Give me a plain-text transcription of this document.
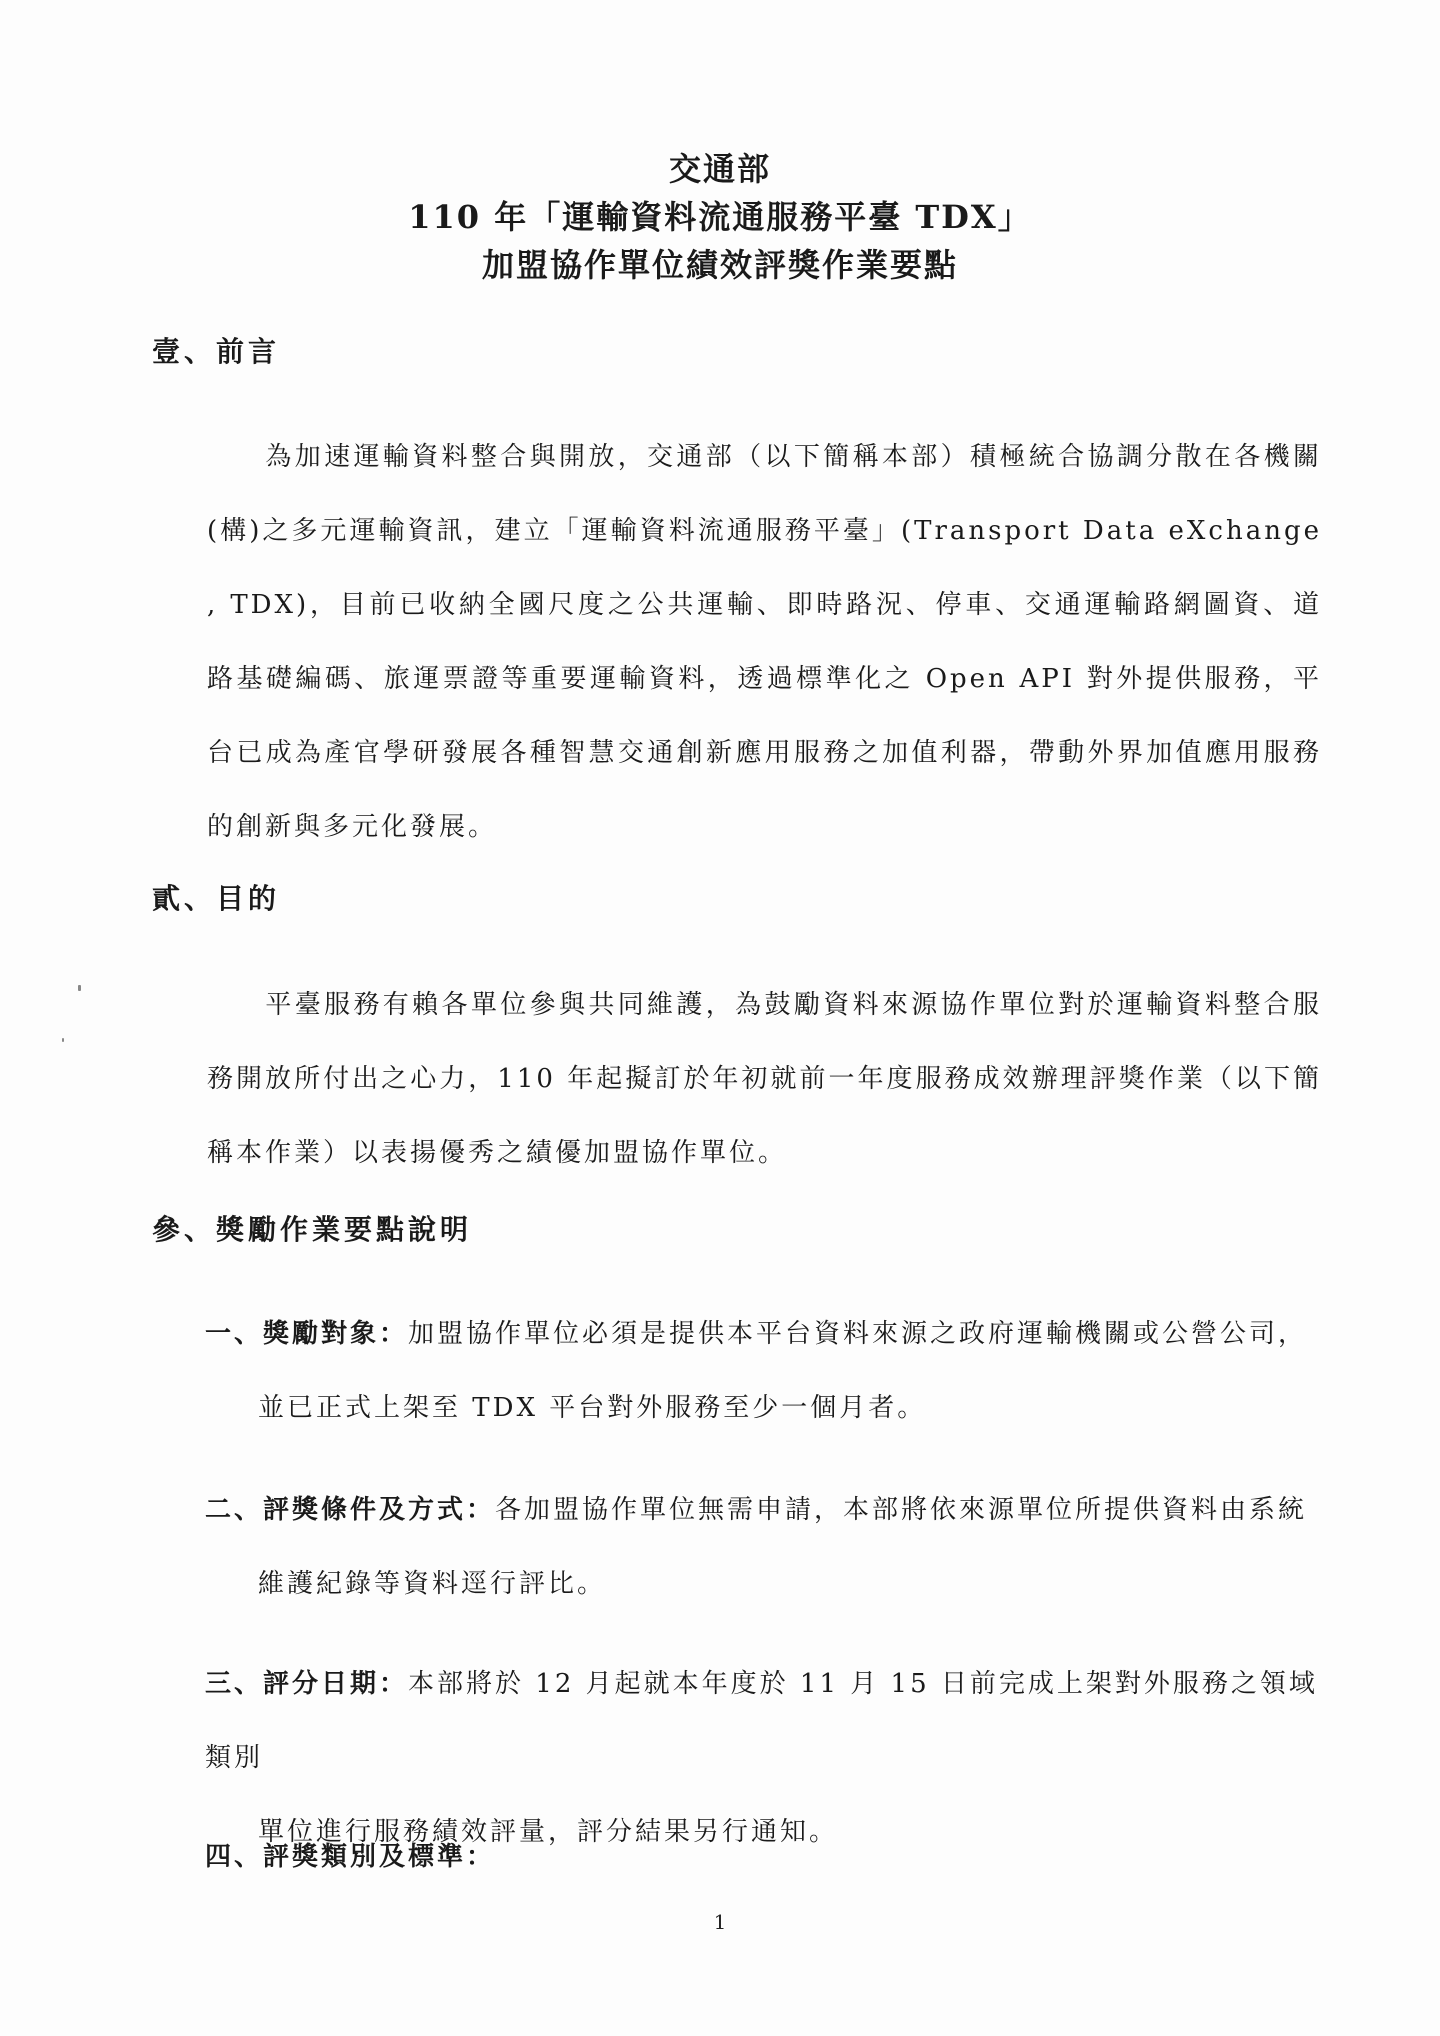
交通部
110 年「運輸資料流通服務平臺 TDX」
加盟協作單位績效評獎作業要點
壹、前言
為加速運輸資料整合與開放，交通部（以下簡稱本部）積極統合協調分散在各機關(構)之多元運輸資訊，建立「運輸資料流通服務平臺」(Transport Data eXchange , TDX)，目前已收納全國尺度之公共運輸、即時路況、停車、交通運輸路網圖資、道路基礎編碼、旅運票證等重要運輸資料，透過標準化之 Open API 對外提供服務，平台已成為產官學研發展各種智慧交通創新應用服務之加值利器，帶動外界加值應用服務的創新與多元化發展。
貳、目的
平臺服務有賴各單位參與共同維護，為鼓勵資料來源協作單位對於運輸資料整合服務開放所付出之心力，110 年起擬訂於年初就前一年度服務成效辦理評獎作業（以下簡稱本作業）以表揚優秀之績優加盟協作單位。
參、獎勵作業要點說明
一、獎勵對象：加盟協作單位必須是提供本平台資料來源之政府運輸機關或公營公司，
並已正式上架至 TDX 平台對外服務至少一個月者。
二、評獎條件及方式：各加盟協作單位無需申請，本部將依來源單位所提供資料由系統
維護紀錄等資料逕行評比。
三、評分日期：本部將於 12 月起就本年度於 11 月 15 日前完成上架對外服務之領域類別
單位進行服務績效評量，評分結果另行通知。
四、評獎類別及標準：
1
